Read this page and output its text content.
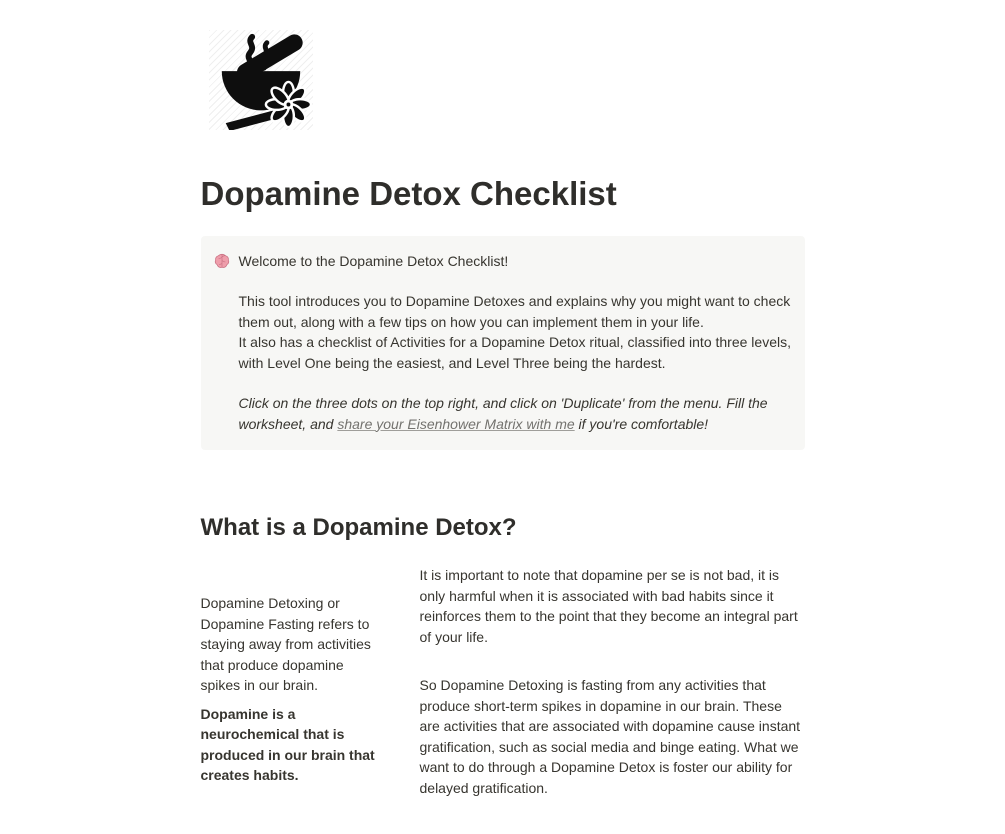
Dopamine Detox Checklist

Welcome to the Dopamine Detox Checklist!

This tool introduces you to Dopamine Detoxes and explains why you might want to check them out, along with a few tips on how you can implement them in your life.
It also has a checklist of Activities for a Dopamine Detox ritual, classified into three levels, with Level One being the easiest, and Level Three being the hardest.

Click on the three dots on the top right, and click on 'Duplicate' from the menu. Fill the worksheet, and share your Eisenhower Matrix with me if you're comfortable!

What is a Dopamine Detox?

Dopamine Detoxing or Dopamine Fasting refers to staying away from activities that produce dopamine spikes in our brain.

Dopamine is a neurochemical that is produced in our brain that creates habits.

It is important to note that dopamine per se is not bad, it is only harmful when it is associated with bad habits since it reinforces them to the point that they become an integral part of your life.

So Dopamine Detoxing is fasting from any activities that produce short-term spikes in dopamine in our brain. These are activities that are associated with dopamine cause instant gratification, such as social media and binge eating. What we want to do through a Dopamine Detox is foster our ability for delayed gratification.
